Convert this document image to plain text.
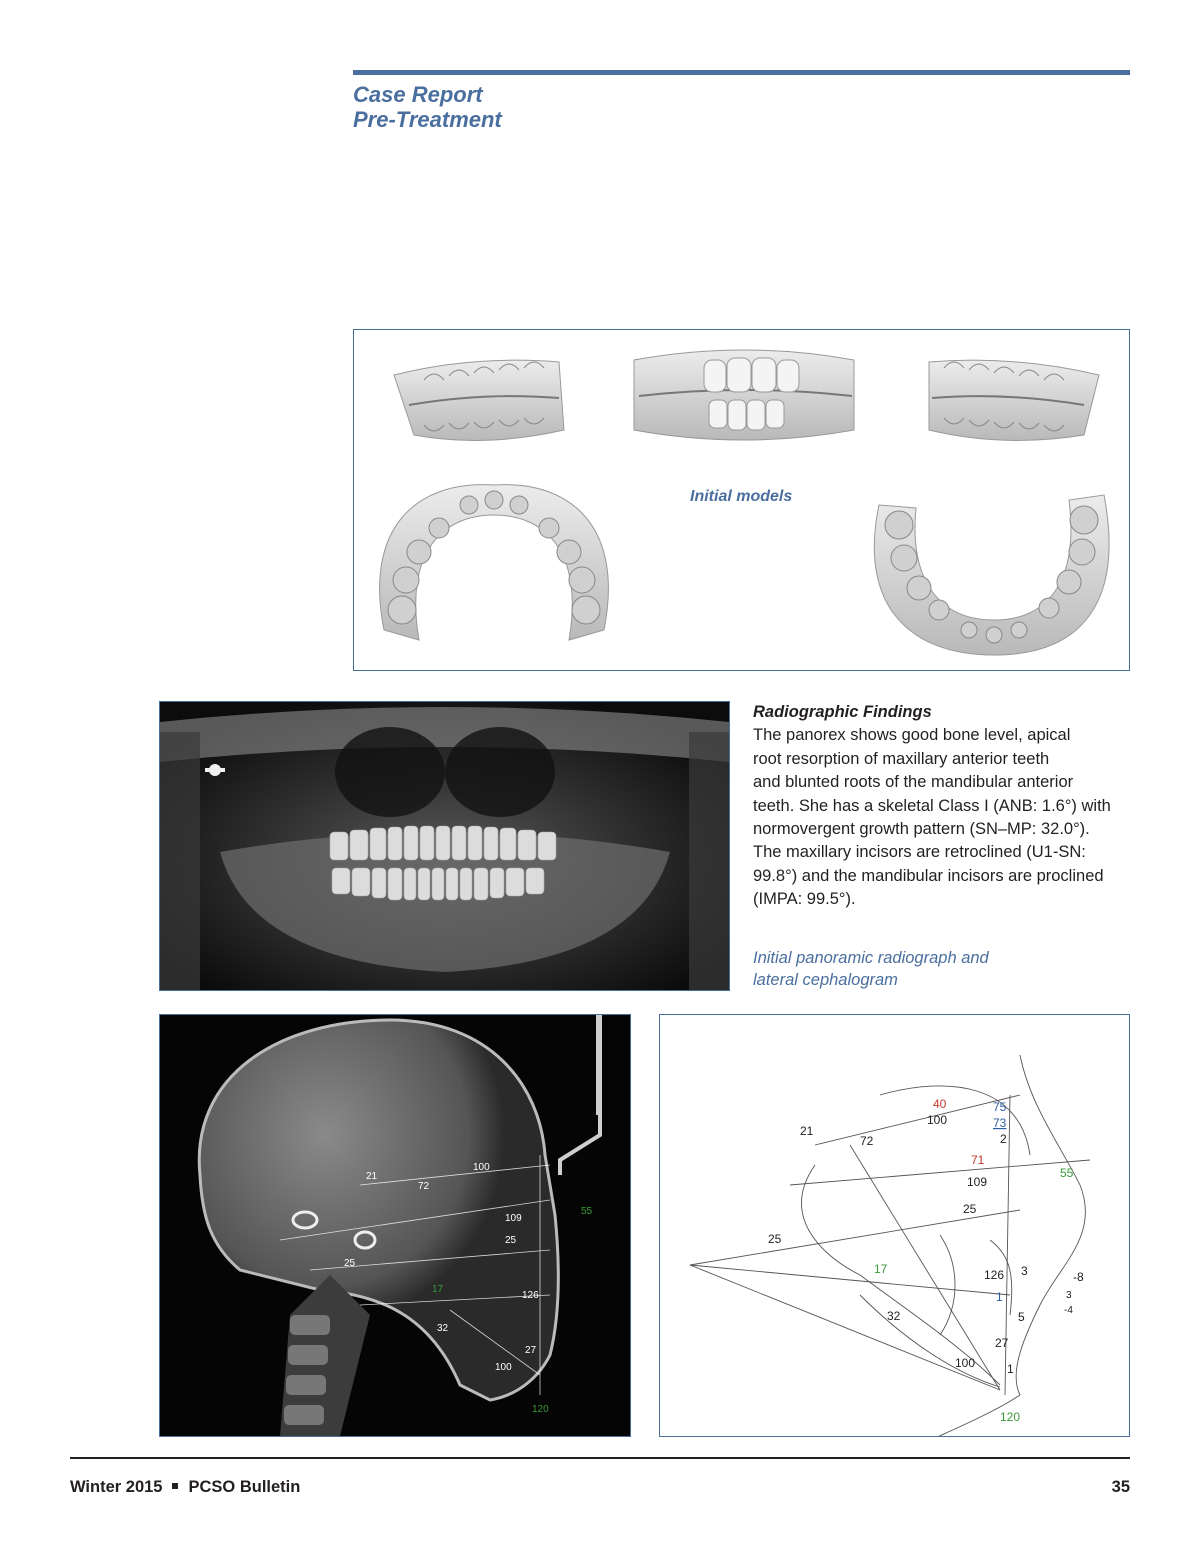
Case Report
Pre-Treatment
Initial models
Radiographic Findings
The panorex shows good bone level, apical
root resorption of maxillary anterior teeth
and blunted roots of the mandibular anterior
teeth. She has a skeletal Class I (ANB: 1.6°) with
normovergent growth pattern (SN–MP: 32.0°).
The maxillary incisors are retroclined (U1-SN:
99.8°) and the mandibular incisors are proclined
(IMPA: 99.5°).
Initial panoramic radiograph and
lateral cephalogram
21
72
100
109
55
25
25
17
126
32
27
100
120
40	75
73
2
21
100
72
71
55
109
25
25
17	126 3	-8
3
-4
1
32	5
27
100	1
120
Winter 2015 PCSO Bulletin	35
